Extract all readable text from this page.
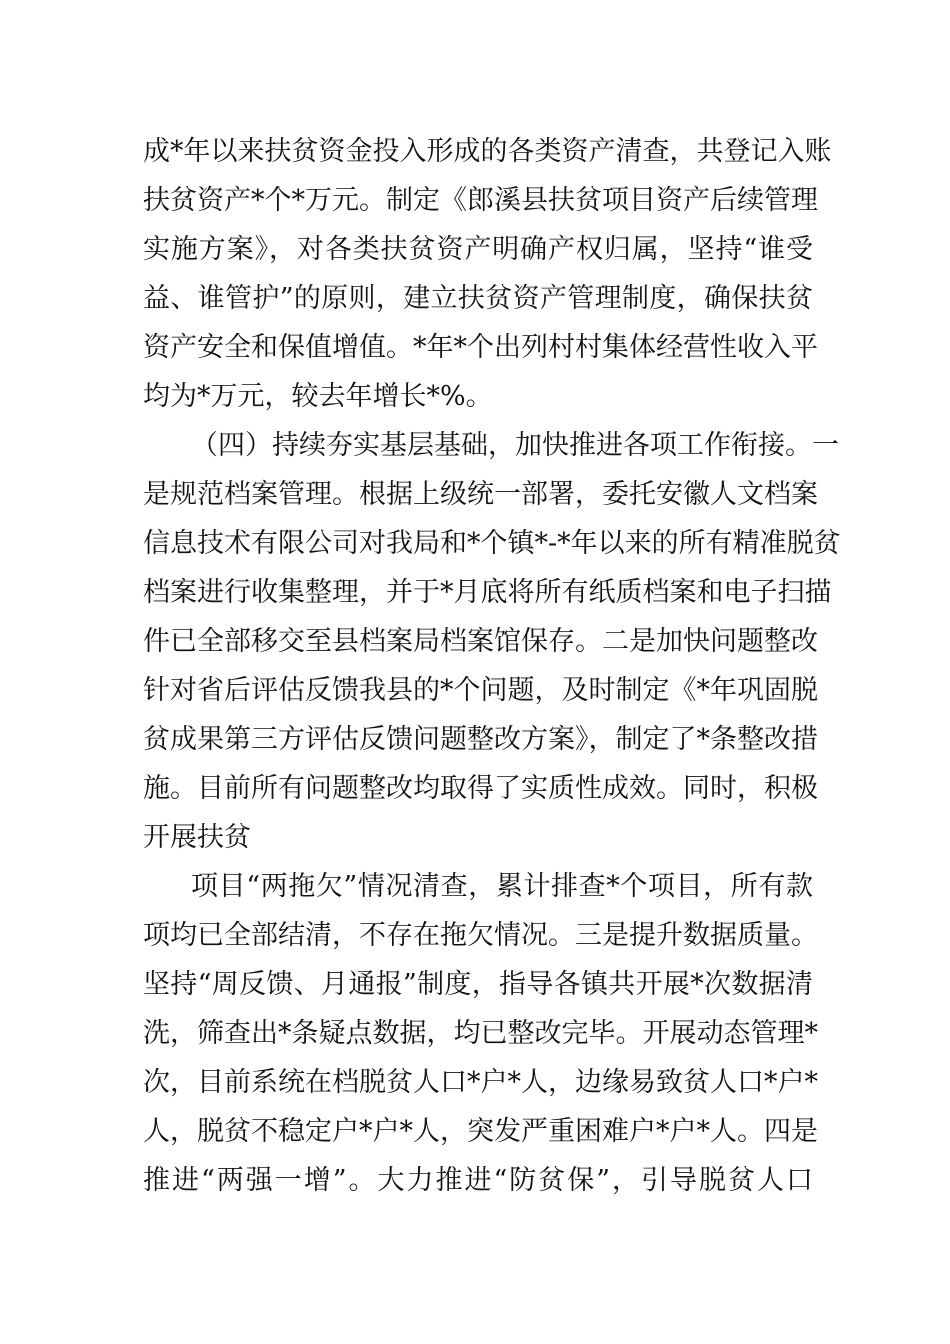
成*年以来扶贫资金投入形成的各类资产清查，共登记入账
扶贫资产*个*万元。制定《郎溪县扶贫项目资产后续管理
实施方案》，对各类扶贫资产明确产权归属，坚持“谁受
益、谁管护”的原则，建立扶贫资产管理制度，确保扶贫
资产安全和保值增值。*年*个出列村村集体经营性收入平
均为*万元，较去年增长*%。
（四）持续夯实基层基础，加快推进各项工作衔接。一
是规范档案管理。根据上级统一部署，委托安徽人文档案
信息技术有限公司对我局和*个镇*-*年以来的所有精准脱贫
档案进行收集整理，并于*月底将所有纸质档案和电子扫描
件已全部移交至县档案局档案馆保存。二是加快问题整改
针对省后评估反馈我县的*个问题，及时制定《*年巩固脱
贫成果第三方评估反馈问题整改方案》，制定了*条整改措
施。目前所有问题整改均取得了实质性成效。同时，积极
开展扶贫
项目“两拖欠”情况清查，累计排查*个项目，所有款
项均已全部结清，不存在拖欠情况。三是提升数据质量。
坚持“周反馈、月通报”制度，指导各镇共开展*次数据清
洗，筛查出*条疑点数据，均已整改完毕。开展动态管理*
次，目前系统在档脱贫人口*户*人，边缘易致贫人口*户*
人，脱贫不稳定户*户*人，突发严重困难户*户*人。四是
推进“两强一增”。大力推进“防贫保”，引导脱贫人口
